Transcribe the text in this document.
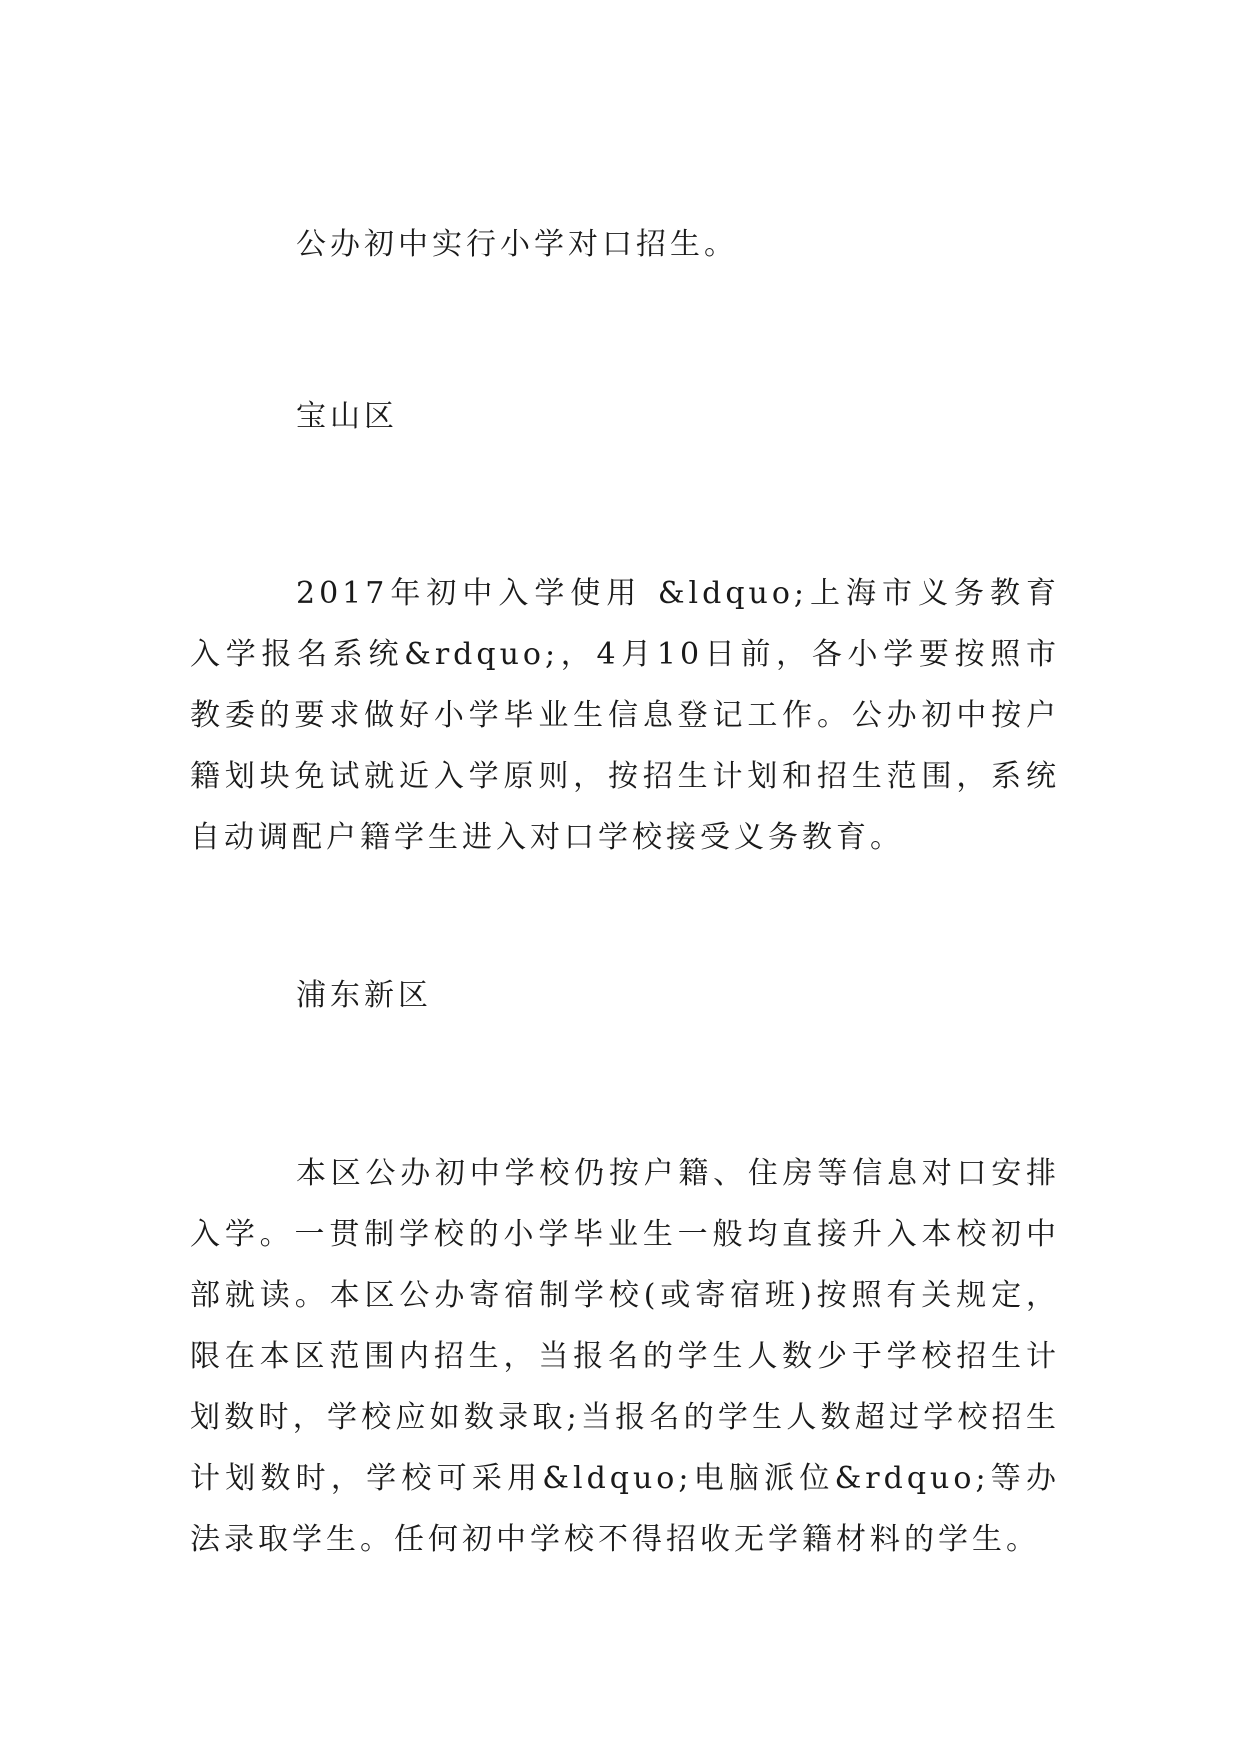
公办初中实行小学对口招生。
宝山区
2017年初中入学使用 &ldquo;上海市义务教育入学报名系统&rdquo;，4月10日前，各小学要按照市教委的要求做好小学毕业生信息登记工作。公办初中按户籍划块免试就近入学原则，按招生计划和招生范围，系统自动调配户籍学生进入对口学校接受义务教育。
浦东新区
本区公办初中学校仍按户籍、住房等信息对口安排入学。一贯制学校的小学毕业生一般均直接升入本校初中部就读。本区公办寄宿制学校(或寄宿班)按照有关规定，限在本区范围内招生，当报名的学生人数少于学校招生计划数时，学校应如数录取;当报名的学生人数超过学校招生计划数时，学校可采用&ldquo;电脑派位&rdquo;等办法录取学生。任何初中学校不得招收无学籍材料的学生。
